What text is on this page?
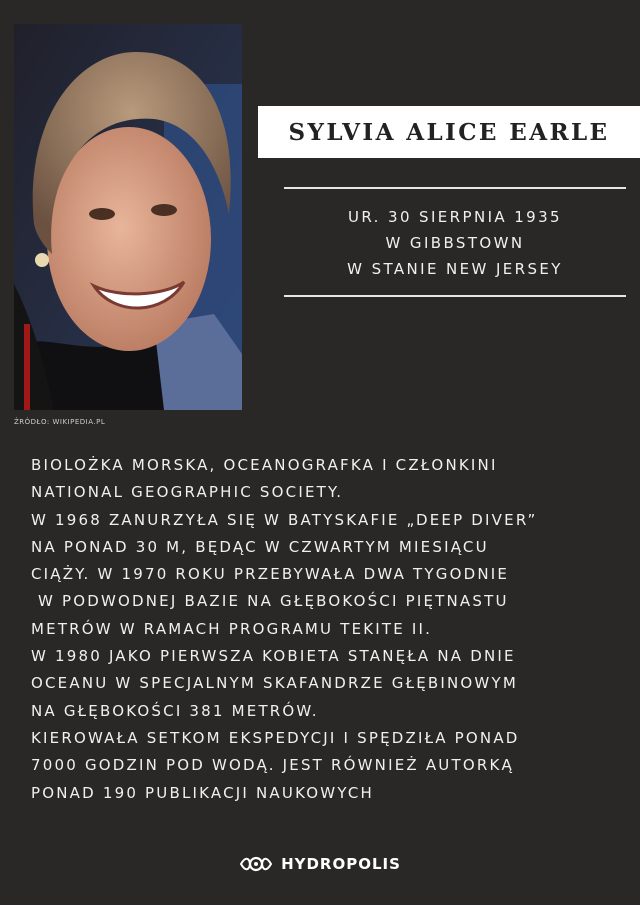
ŹRÓDŁO: WIKIPEDIA.PL
SYLVIA ALICE EARLE
UR. 30 SIERPNIA 1935
W GIBBSTOWN
W STANIE NEW JERSEY
BIOLOŻKA MORSKA, OCEANOGRAFKA I CZŁONKINI
NATIONAL GEOGRAPHIC SOCIETY.
W 1968 ZANURZYŁA SIĘ W BATYSKAFIE „DEEP DIVER”
NA PONAD 30 M, BĘDĄC W CZWARTYM MIESIĄCU
CIĄŻY. W 1970 ROKU PRZEBYWAŁA DWA TYGODNIE
W PODWODNEJ BAZIE NA GŁĘBOKOŚCI PIĘTNASTU
METRÓW W RAMACH PROGRAMU TEKITE II.
W 1980 JAKO PIERWSZA KOBIETA STANĘŁA NA DNIE
OCEANU W SPECJALNYM SKAFANDRZE GŁĘBINOWYM
NA GŁĘBOKOŚCI 381 METRÓW.
KIEROWAŁA SETKOM EKSPEDYCJI I SPĘDZIŁA PONAD
7000 GODZIN POD WODĄ. JEST RÓWNIEŻ AUTORKĄ
PONAD 190 PUBLIKACJI NAUKOWYCH
HYDROPOLIS
